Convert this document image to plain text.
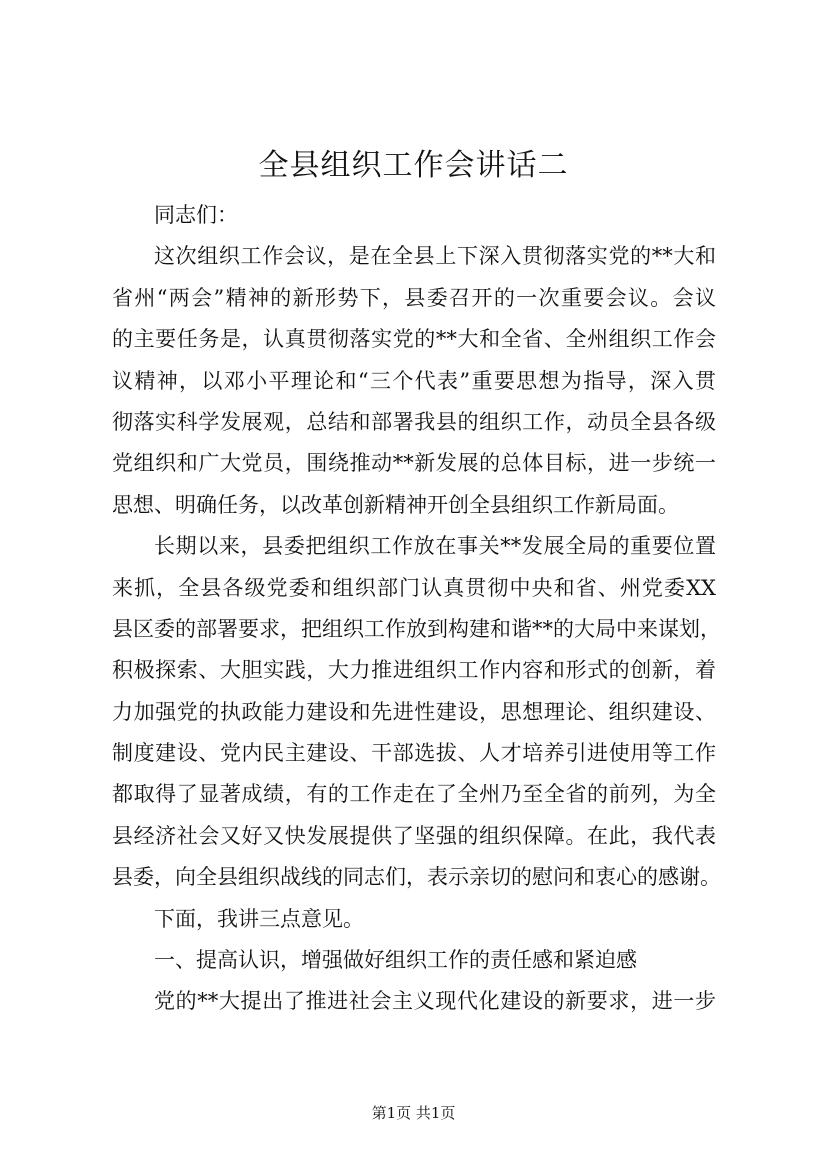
全县组织工作会讲话二
同志们：
这次组织工作会议，是在全县上下深入贯彻落实党的**大和
省州“两会”精神的新形势下，县委召开的一次重要会议。会议
的主要任务是，认真贯彻落实党的**大和全省、全州组织工作会
议精神，以邓小平理论和“三个代表”重要思想为指导，深入贯
彻落实科学发展观，总结和部署我县的组织工作，动员全县各级
党组织和广大党员，围绕推动**新发展的总体目标，进一步统一
思想、明确任务，以改革创新精神开创全县组织工作新局面。
长期以来，县委把组织工作放在事关**发展全局的重要位置
来抓，全县各级党委和组织部门认真贯彻中央和省、州党委XX
县区委的部署要求，把组织工作放到构建和谐**的大局中来谋划，
积极探索、大胆实践，大力推进组织工作内容和形式的创新，着
力加强党的执政能力建设和先进性建设，思想理论、组织建设、
制度建设、党内民主建设、干部选拔、人才培养引进使用等工作
都取得了显著成绩，有的工作走在了全州乃至全省的前列，为全
县经济社会又好又快发展提供了坚强的组织保障。在此，我代表
县委，向全县组织战线的同志们，表示亲切的慰问和衷心的感谢。
下面，我讲三点意见。
一、提高认识，增强做好组织工作的责任感和紧迫感
党的**大提出了推进社会主义现代化建设的新要求，进一步
第1页 共1页
